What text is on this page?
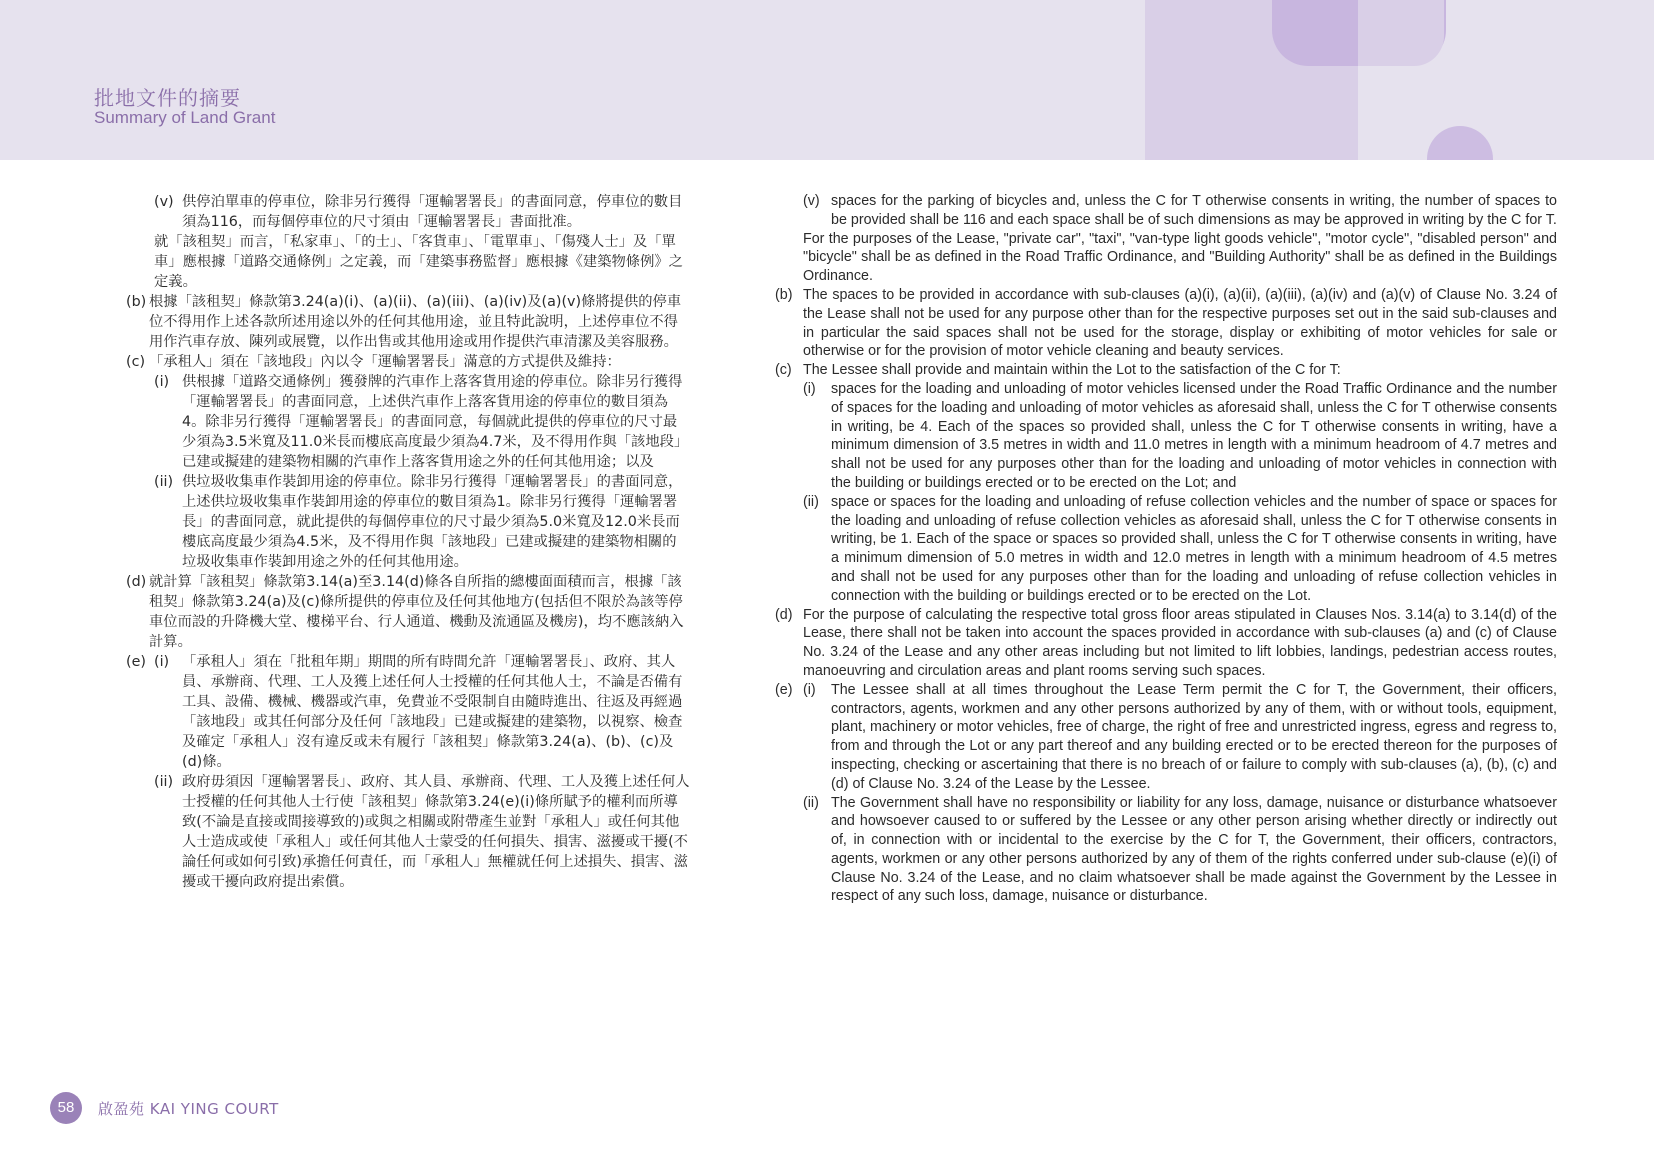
批地文件的摘要
Summary of Land Grant
(v) 供停泊單車的停車位，除非另行獲得「運輸署署長」的書面同意，停車位的數目須為116，而每個停車位的尺寸須由「運輸署署長」書面批准。
就「該租契」而言，「私家車」、「的士」、「客貨車」、「電單車」、「傷殘人士」及「單車」應根據「道路交通條例」之定義，而「建築事務監督」應根據《建築物條例》之定義。
(b) 根據「該租契」條款第3.24(a)(i)、(a)(ii)、(a)(iii)、(a)(iv)及(a)(v)條將提供的停車位不得用作上述各款所述用途以外的任何其他用途，並且特此說明，上述停車位不得用作汽車存放、陳列或展覽，以作出售或其他用途或用作提供汽車清潔及美容服務。
(c) 「承租人」須在「該地段」內以令「運輸署署長」滿意的方式提供及維持：
(i) 供根據「道路交通條例」獲發牌的汽車作上落客貨用途的停車位。除非另行獲得「運輸署署長」的書面同意，上述供汽車作上落客貨用途的停車位的數目須為4。除非另行獲得「運輸署署長」的書面同意，每個就此提供的停車位的尺寸最少須為3.5米寬及11.0米長而樓底高度最少須為4.7米，及不得用作與「該地段」已建或擬建的建築物相關的汽車作上落客貨用途之外的任何其他用途；以及
(ii) 供垃圾收集車作裝卸用途的停車位。除非另行獲得「運輸署署長」的書面同意，上述供垃圾收集車作裝卸用途的停車位的數目須為1。除非另行獲得「運輸署署長」的書面同意，就此提供的每個停車位的尺寸最少須為5.0米寬及12.0米長而樓底高度最少須為4.5米，及不得用作與「該地段」已建或擬建的建築物相關的垃圾收集車作裝卸用途之外的任何其他用途。
(d) 就計算「該租契」條款第3.14(a)至3.14(d)條各自所指的總樓面面積而言，根據「該租契」條款第3.24(a)及(c)條所提供的停車位及任何其他地方(包括但不限於為該等停車位而設的升降機大堂、樓梯平台、行人通道、機動及流通區及機房)，均不應該納入計算。
(e) (i) 「承租人」須在「批租年期」期間的所有時間允許「運輸署署長」、政府、其人員、承辦商、代理、工人及獲上述任何人士授權的任何其他人士，不論是否備有工具、設備、機械、機器或汽車，免費並不受限制自由隨時進出、往返及再經過「該地段」或其任何部分及任何「該地段」已建或擬建的建築物，以視察、檢查及確定「承租人」沒有違反或未有履行「該租契」條款第3.24(a)、(b)、(c)及(d)條。
(ii) 政府毋須因「運輸署署長」、政府、其人員、承辦商、代理、工人及獲上述任何人士授權的任何其他人士行使「該租契」條款第3.24(e)(i)條所賦予的權利而所導致(不論是直接或間接導致的)或與之相關或附帶產生並對「承租人」或任何其他人士造成或使「承租人」或任何其他人士蒙受的任何損失、損害、滋擾或干擾(不論任何或如何引致)承擔任何責任，而「承租人」無權就任何上述損失、損害、滋擾或干擾向政府提出索償。
(v) spaces for the parking of bicycles and, unless the C for T otherwise consents in writing, the number of spaces to be provided shall be 116 and each space shall be of such dimensions as may be approved in writing by the C for T.
For the purposes of the Lease, "private car", "taxi", "van-type light goods vehicle", "motor cycle", "disabled person" and "bicycle" shall be as defined in the Road Traffic Ordinance, and "Building Authority" shall be as defined in the Buildings Ordinance.
(b) The spaces to be provided in accordance with sub-clauses (a)(i), (a)(ii), (a)(iii), (a)(iv) and (a)(v) of Clause No. 3.24 of the Lease shall not be used for any purpose other than for the respective purposes set out in the said sub-clauses and in particular the said spaces shall not be used for the storage, display or exhibiting of motor vehicles for sale or otherwise or for the provision of motor vehicle cleaning and beauty services.
(c) The Lessee shall provide and maintain within the Lot to the satisfaction of the C for T:
(i) spaces for the loading and unloading of motor vehicles licensed under the Road Traffic Ordinance and the number of spaces for the loading and unloading of motor vehicles as aforesaid shall, unless the C for T otherwise consents in writing, be 4. Each of the spaces so provided shall, unless the C for T otherwise consents in writing, have a minimum dimension of 3.5 metres in width and 11.0 metres in length with a minimum headroom of 4.7 metres and shall not be used for any purposes other than for the loading and unloading of motor vehicles in connection with the building or buildings erected or to be erected on the Lot; and
(ii) space or spaces for the loading and unloading of refuse collection vehicles and the number of space or spaces for the loading and unloading of refuse collection vehicles as aforesaid shall, unless the C for T otherwise consents in writing, be 1. Each of the space or spaces so provided shall, unless the C for T otherwise consents in writing, have a minimum dimension of 5.0 metres in width and 12.0 metres in length with a minimum headroom of 4.5 metres and shall not be used for any purposes other than for the loading and unloading of refuse collection vehicles in connection with the building or buildings erected or to be erected on the Lot.
(d) For the purpose of calculating the respective total gross floor areas stipulated in Clauses Nos. 3.14(a) to 3.14(d) of the Lease, there shall not be taken into account the spaces provided in accordance with sub-clauses (a) and (c) of Clause No. 3.24 of the Lease and any other areas including but not limited to lift lobbies, landings, pedestrian access routes, manoeuvring and circulation areas and plant rooms serving such spaces.
(e) (i) The Lessee shall at all times throughout the Lease Term permit the C for T, the Government, their officers, contractors, agents, workmen and any other persons authorized by any of them, with or without tools, equipment, plant, machinery or motor vehicles, free of charge, the right of free and unrestricted ingress, egress and regress to, from and through the Lot or any part thereof and any building erected or to be erected thereon for the purposes of inspecting, checking or ascertaining that there is no breach of or failure to comply with sub-clauses (a), (b), (c) and (d) of Clause No. 3.24 of the Lease by the Lessee.
(ii) The Government shall have no responsibility or liability for any loss, damage, nuisance or disturbance whatsoever and howsoever caused to or suffered by the Lessee or any other person arising whether directly or indirectly out of, in connection with or incidental to the exercise by the C for T, the Government, their officers, contractors, agents, workmen or any other persons authorized by any of them of the rights conferred under sub-clause (e)(i) of Clause No. 3.24 of the Lease, and no claim whatsoever shall be made against the Government by the Lessee in respect of any such loss, damage, nuisance or disturbance.
58	啟盈苑 KAI YING COURT
